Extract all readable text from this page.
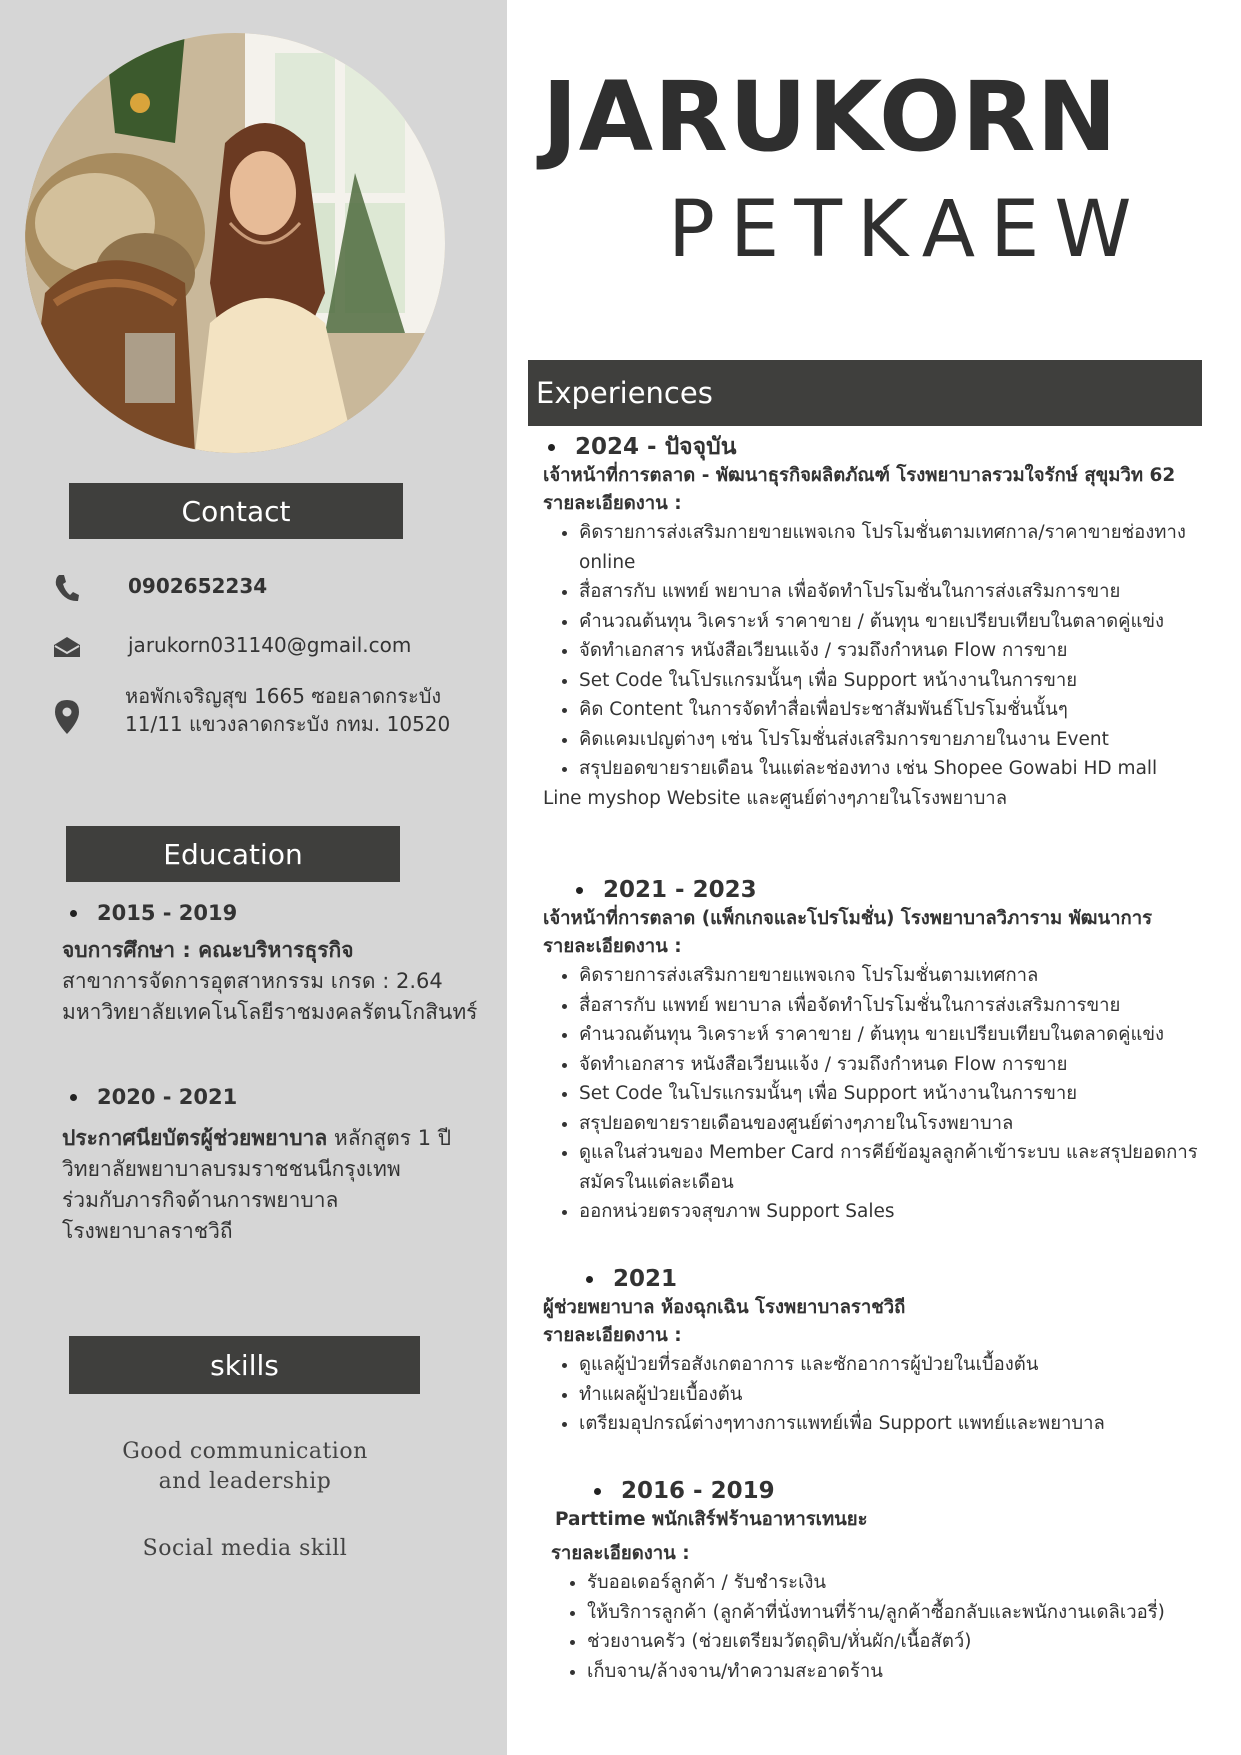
Contact
0902652234
jarukorn031140@gmail.com
หอพักเจริญสุข 1665 ซอยลาดกระบัง
11/11 แขวงลาดกระบัง กทม. 10520
Education
2015 - 2019
จบการศึกษา : คณะบริหารธุรกิจ
สาขาการจัดการอุตสาหกรรม เกรด : 2.64
มหาวิทยาลัยเทคโนโลยีราชมงคลรัตนโกสินทร์
2020 - 2021
ประกาศนียบัตรผู้ช่วยพยาบาล หลักสูตร 1 ปี
วิทยาลัยพยาบาลบรมราชชนนีกรุงเทพ
ร่วมกับภารกิจด้านการพยาบาล
โรงพยาบาลราชวิถี
skills
Good communication
and leadership
Social media skill
JARUKORN
PETKAEW
Experiences
2024 - ปัจจุบัน
เจ้าหน้าที่การตลาด - พัฒนาธุรกิจผลิตภัณฑ์ โรงพยาบาลรวมใจรักษ์ สุขุมวิท 62
รายละเอียดงาน :
• คิดรายการส่งเสริมกายขายแพจเกจ โปรโมชั่นตามเทศกาล/ราคาขายช่องทาง online
• สื่อสารกับ แพทย์ พยาบาล เพื่อจัดทำโปรโมชั่นในการส่งเสริมการขาย
• คำนวณต้นทุน วิเคราะห์ ราคาขาย / ต้นทุน ขายเปรียบเทียบในตลาดคู่แข่ง
• จัดทำเอกสาร หนังสือเวียนแจ้ง / รวมถึงกำหนด Flow การขาย
• Set Code ในโปรแกรมนั้นๆ เพื่อ Support หน้างานในการขาย
• คิด Content ในการจัดทำสื่อเพื่อประชาสัมพันธ์โปรโมชั่นนั้นๆ
• คิดแคมเปญต่างๆ เช่น โปรโมชั่นส่งเสริมการขายภายในงาน Event
• สรุปยอดขายรายเดือน ในแต่ละช่องทาง เช่น Shopee Gowabi HD mall
Line myshop Website และศูนย์ต่างๆภายในโรงพยาบาล
2021 - 2023
เจ้าหน้าที่การตลาด (แพ็กเกจและโปรโมชั่น) โรงพยาบาลวิภาราม พัฒนาการ
รายละเอียดงาน :
• คิดรายการส่งเสริมกายขายแพจเกจ โปรโมชั่นตามเทศกาล
• สื่อสารกับ แพทย์ พยาบาล เพื่อจัดทำโปรโมชั่นในการส่งเสริมการขาย
• คำนวณต้นทุน วิเคราะห์ ราคาขาย / ต้นทุน ขายเปรียบเทียบในตลาดคู่แข่ง
• จัดทำเอกสาร หนังสือเวียนแจ้ง / รวมถึงกำหนด Flow การขาย
• Set Code ในโปรแกรมนั้นๆ เพื่อ Support หน้างานในการขาย
• สรุปยอดขายรายเดือนของศูนย์ต่างๆภายในโรงพยาบาล
• ดูแลในส่วนของ Member Card การคีย์ข้อมูลลูกค้าเข้าระบบ และสรุปยอดการสมัครในแต่ละเดือน
• ออกหน่วยตรวจสุขภาพ Support Sales
2021
ผู้ช่วยพยาบาล ห้องฉุกเฉิน โรงพยาบาลราชวิถี
รายละเอียดงาน :
• ดูแลผู้ป่วยที่รอสังเกตอาการ และซักอาการผู้ป่วยในเบื้องต้น
• ทำแผลผู้ป่วยเบื้องต้น
• เตรียมอุปกรณ์ต่างๆทางการแพทย์เพื่อ Support แพทย์และพยาบาล
2016 - 2019
Parttime พนักเสิร์ฟร้านอาหารเทนยะ
รายละเอียดงาน :
• รับออเดอร์ลูกค้า / รับชำระเงิน
• ให้บริการลูกค้า (ลูกค้าที่นั่งทานที่ร้าน/ลูกค้าซื้อกลับและพนักงานเดลิเวอรี่)
• ช่วยงานครัว (ช่วยเตรียมวัตถุดิบ/หั่นผัก/เนื้อสัตว์)
• เก็บจาน/ล้างจาน/ทำความสะอาดร้าน
